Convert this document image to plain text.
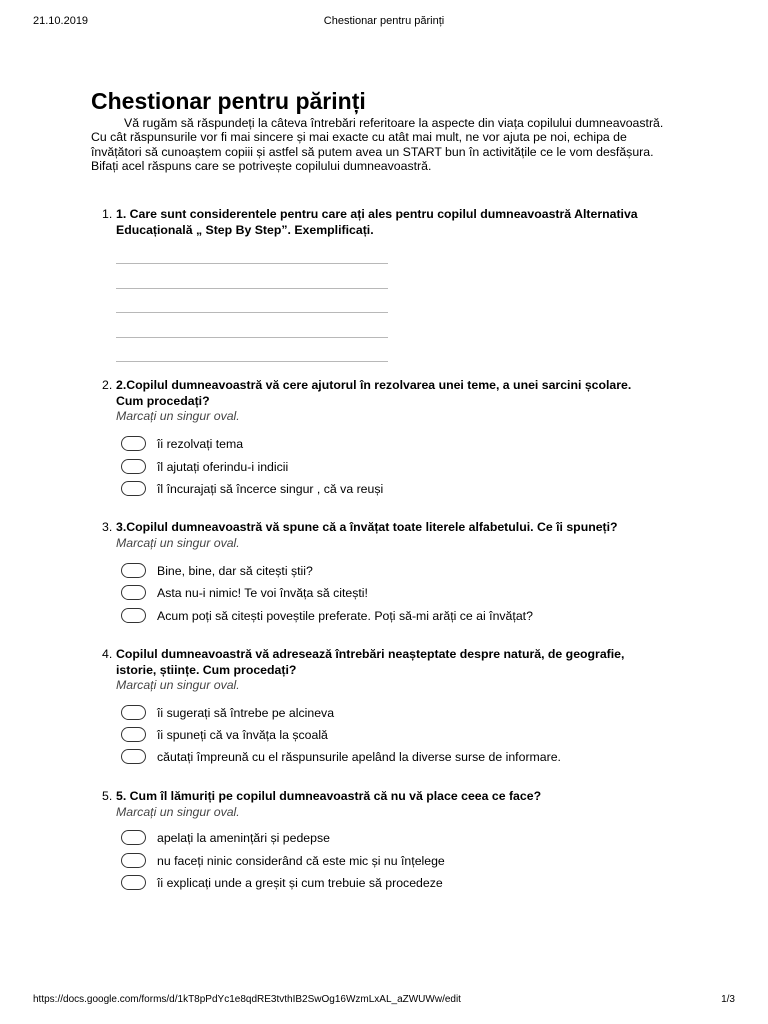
21.10.2019	Chestionar pentru părinți
Chestionar pentru părinți
Vă rugăm să răspundeți la câteva întrebări referitoare la aspecte din viața copilului dumneavoastră. Cu cât răspunsurile vor fi mai sincere și mai exacte cu atât mai mult, ne vor ajuta pe noi, echipa de învățători să cunoaștem copiii și astfel să putem avea un START bun în activitățile ce le vom desfășura. Bifați acel răspuns care se potrivește copilului dumneavoastră.
1. 1. Care sunt considerentele pentru care ați ales pentru copilul dumneavoastră Alternativa Educațională „ Step By Step”. Exemplificați.
2. 2.Copilul dumneavoastră vă cere ajutorul în rezolvarea unei teme, a unei sarcini școlare. Cum procedați?
Marcați un singur oval.
îi rezolvați tema
îl ajutați oferindu-i indicii
îl încurajați să încerce singur , că va reuși
3. 3.Copilul dumneavoastră vă spune că a învățat toate literele alfabetului. Ce îi spuneți?
Marcați un singur oval.
Bine, bine, dar să citești știi?
Asta nu-i nimic! Te voi învăța să citești!
Acum poți să citești poveștile preferate. Poți să-mi arăți ce ai învățat?
4. Copilul dumneavoastră vă adresează întrebări neașteptate despre natură, de geografie, istorie, științe. Cum procedați?
Marcați un singur oval.
îi sugerați să întrebe pe alcineva
îi spuneți că va învăța la școală
căutați împreună cu el răspunsurile apelând la diverse surse de informare.
5. 5. Cum îl lămuriți pe copilul dumneavoastră că nu vă place ceea ce face?
Marcați un singur oval.
apelați la amenințări și pedepse
nu faceți ninic considerând că este mic și nu înțelege
îi explicați unde a greșit și cum trebuie să procedeze
https://docs.google.com/forms/d/1kT8pPdYc1e8qdRE3tvthIB2SwOg16WzmLxAL_aZWUWw/edit	1/3
